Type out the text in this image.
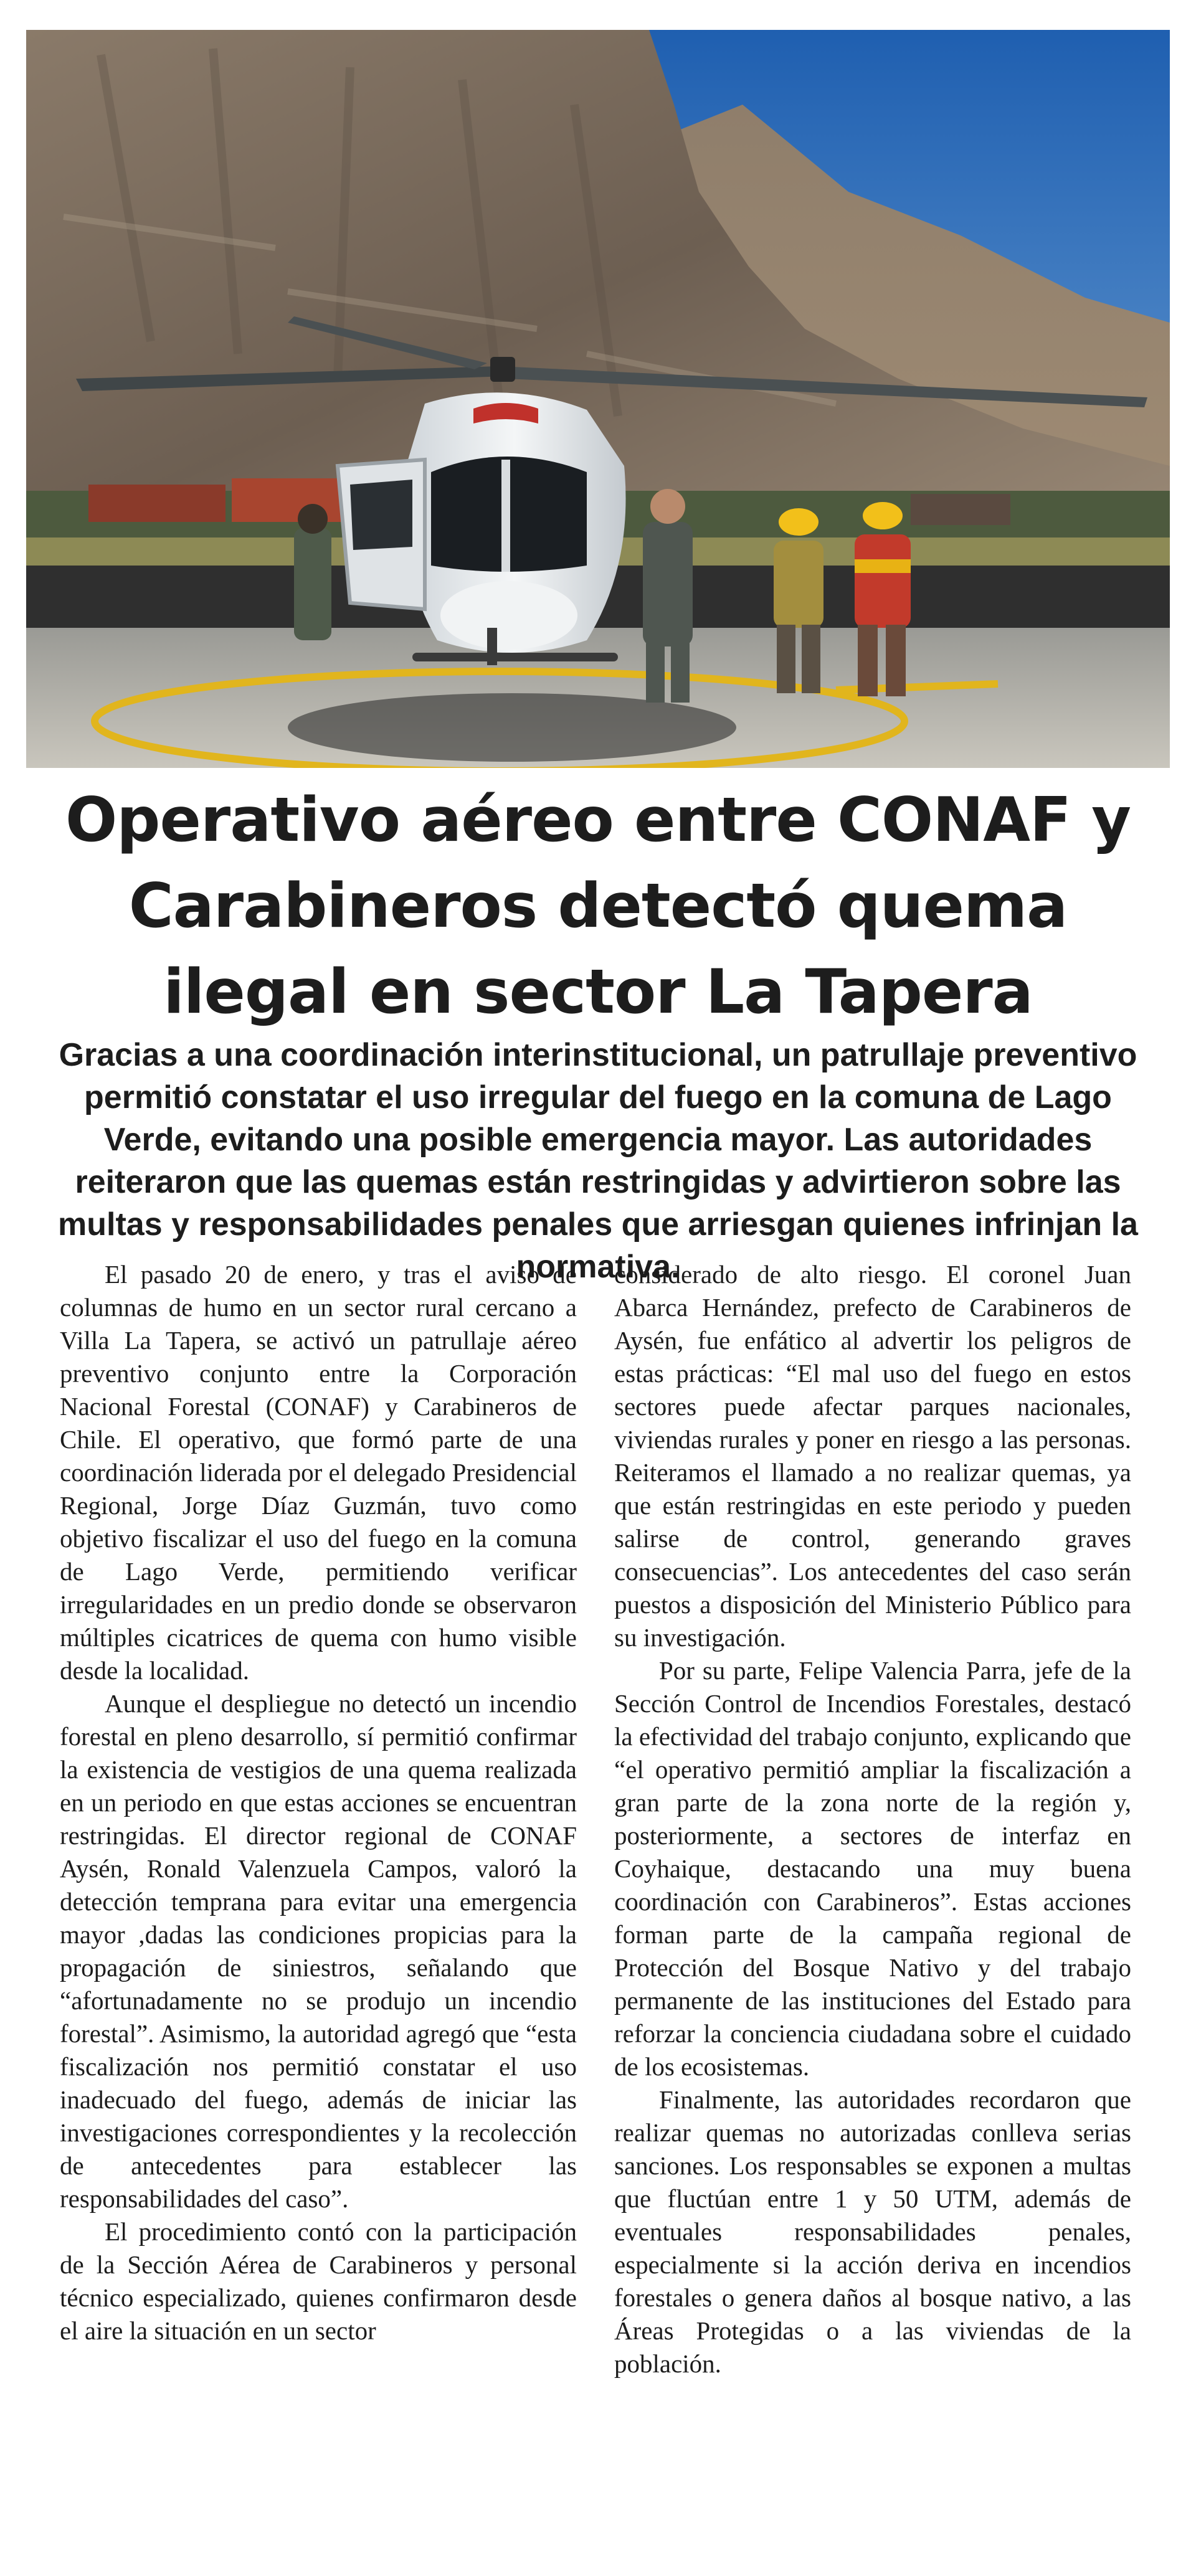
Operativo aéreo entre CONAF y Carabineros detectó quema ilegal en sector La Tapera

Gracias a una coordinación interinstitucional, un patrullaje preventivo permitió constatar el uso irregular del fuego en la comuna de Lago Verde, evitando una posible emergencia mayor. Las autoridades reiteraron que las quemas están restringidas y advirtieron sobre las multas y responsabilidades penales que arriesgan quienes infrinjan la normativa.

El pasado 20 de enero, y tras el aviso de columnas de humo en un sector rural cercano a Villa La Tapera, se activó un patrullaje aéreo preventivo conjunto entre la Corporación Nacional Forestal (CONAF) y Carabineros de Chile. El operativo, que formó parte de una coordinación liderada por el delegado Presidencial Regional, Jorge Díaz Guzmán, tuvo como objetivo fiscalizar el uso del fuego en la comuna de Lago Verde, permitiendo verificar irregularidades en un predio donde se observaron múltiples cicatrices de quema con humo visible desde la localidad.

Aunque el despliegue no detectó un incendio forestal en pleno desarrollo, sí permitió confirmar la existencia de vestigios de una quema realizada en un periodo en que estas acciones se encuentran restringidas. El director regional de CONAF Aysén, Ronald Valenzuela Campos, valoró la detección temprana para evitar una emergencia mayor ,dadas las condiciones propicias para la propagación de siniestros, señalando que “afortunadamente no se produjo un incendio forestal”. Asimismo, la autoridad agregó que “esta fiscalización nos permitió constatar el uso inadecuado del fuego, además de iniciar las investigaciones correspondientes y la recolección de antecedentes para establecer las responsabilidades del caso”.

El procedimiento contó con la participación de la Sección Aérea de Carabineros y personal técnico especializado, quienes confirmaron desde el aire la situación en un sector

considerado de alto riesgo. El coronel Juan Abarca Hernández, prefecto de Carabineros de Aysén, fue enfático al advertir los peligros de estas prácticas: “El mal uso del fuego en estos sectores puede afectar parques nacionales, viviendas rurales y poner en riesgo a las personas. Reiteramos el llamado a no realizar quemas, ya que están restringidas en este periodo y pueden salirse de control, generando graves consecuencias”. Los antecedentes del caso serán puestos a disposición del Ministerio Público para su investigación.

Por su parte, Felipe Valencia Parra, jefe de la Sección Control de Incendios Forestales, destacó la efectividad del trabajo conjunto, explicando que “el operativo permitió ampliar la fiscalización a gran parte de la zona norte de la región y, posteriormente, a sectores de interfaz en Coyhaique, destacando una muy buena coordinación con Carabineros”. Estas acciones forman parte de la campaña regional de Protección del Bosque Nativo y del trabajo permanente de las instituciones del Estado para reforzar la conciencia ciudadana sobre el cuidado de los ecosistemas.

Finalmente, las autoridades recordaron que realizar quemas no autorizadas conlleva serias sanciones. Los responsables se exponen a multas que fluctúan entre 1 y 50 UTM, además de eventuales responsabilidades penales, especialmente si la acción deriva en incendios forestales o genera daños al bosque nativo, a las Áreas Protegidas o a las viviendas de la población.
